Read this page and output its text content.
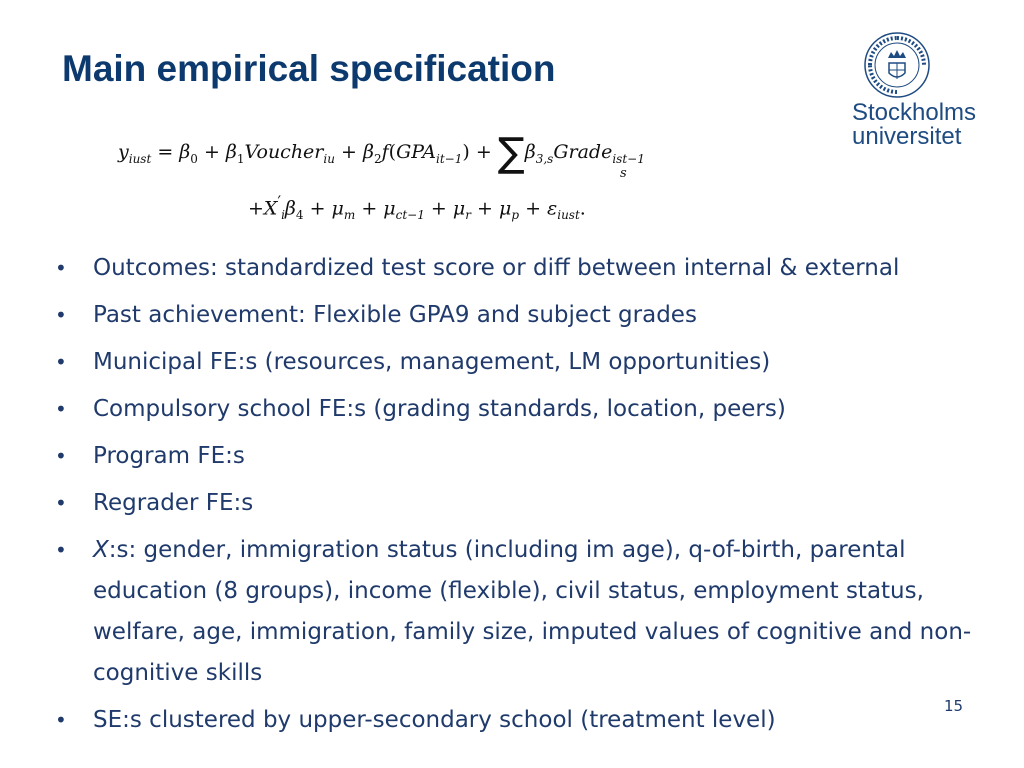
Main empirical specification
Stockholms
universitet
$y_{iust} = \beta_0$ + $\beta_1Voucher_{iu} + \beta_2f(GPA_{it-1})$ + $\sum\beta_{3,s}Grade_{ist-1}$
s
$+X'_i\beta_4 + \mu_m + \mu_{ct-1} + \mu_r + \mu_p + \varepsilon_{iust}$.
• Outcomes: standardized test score or diff between internal & external
• Past achievement: Flexible GPA9 and subject grades
• Municipal FE:s (resources, management, LM opportunities)
• Compulsory school FE:s (grading standards, location, peers)
• Program FE:s
• Regrader FE:s
• X:s: gender, immigration status (including im age), q-of-birth, parental education (8 groups), income (flexible), civil status, employment status, welfare, age, immigration, family size, imputed values of cognitive and non-cognitive skills
• SE:s clustered by upper-secondary school (treatment level)
15
